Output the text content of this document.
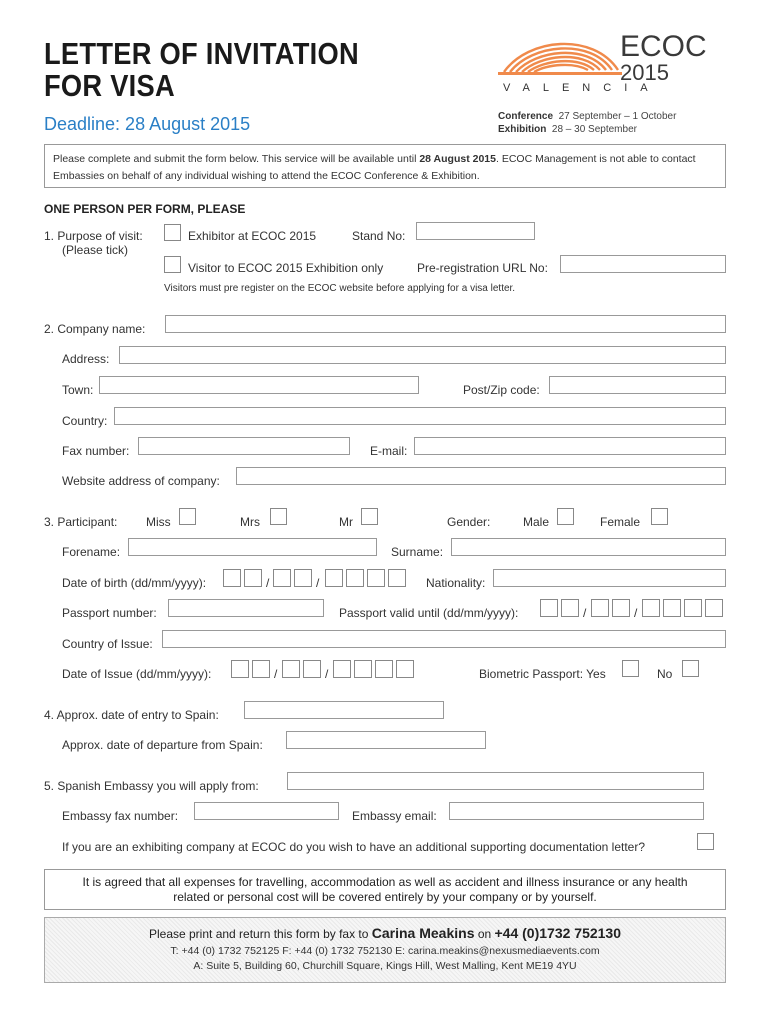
LETTER OF INVITATION
FOR VISA
Deadline: 28 August 2015
ECOC
2015
VALENCIA
Conference 27 September – 1 October
Exhibition 28 – 30 September
Please complete and submit the form below. This service will be available until 28 August 2015. ECOC Management is not able to contact Embassies on behalf of any individual wishing to attend the ECOC Conference & Exhibition.
ONE PERSON PER FORM, PLEASE
1. Purpose of visit:
(Please tick)
Exhibitor at ECOC 2015	Stand No:
Visitor to ECOC 2015 Exhibition only	Pre-registration URL No:
Visitors must pre register on the ECOC website before applying for a visa letter.
2. Company name:
Address:
Town:	Post/Zip code:
Country:
Fax number:	E-mail:
Website address of company:
3. Participant: Miss	Mrs	Mr	Gender:	Male	Female
Forename:	Surname:
Date of birth (dd/mm/yyyy):	/	/	Nationality:
Passport number:	Passport valid until (dd/mm/yyyy):	/	/
Country of Issue:
Date of Issue (dd/mm/yyyy):	/	/	Biometric Passport: Yes	No
4. Approx. date of entry to Spain:
Approx. date of departure from Spain:
5. Spanish Embassy you will apply from:
Embassy fax number:	Embassy email:
If you are an exhibiting company at ECOC do you wish to have an additional supporting documentation letter?
It is agreed that all expenses for travelling, accommodation as well as accident and illness insurance or any health
related or personal cost will be covered entirely by your company or by yourself.
Please print and return this form by fax to Carina Meakins on +44 (0)1732 752130
T: +44 (0) 1732 752125 F: +44 (0) 1732 752130 E: carina.meakins@nexusmediaevents.com
A: Suite 5, Building 60, Churchill Square, Kings Hill, West Malling, Kent ME19 4YU
